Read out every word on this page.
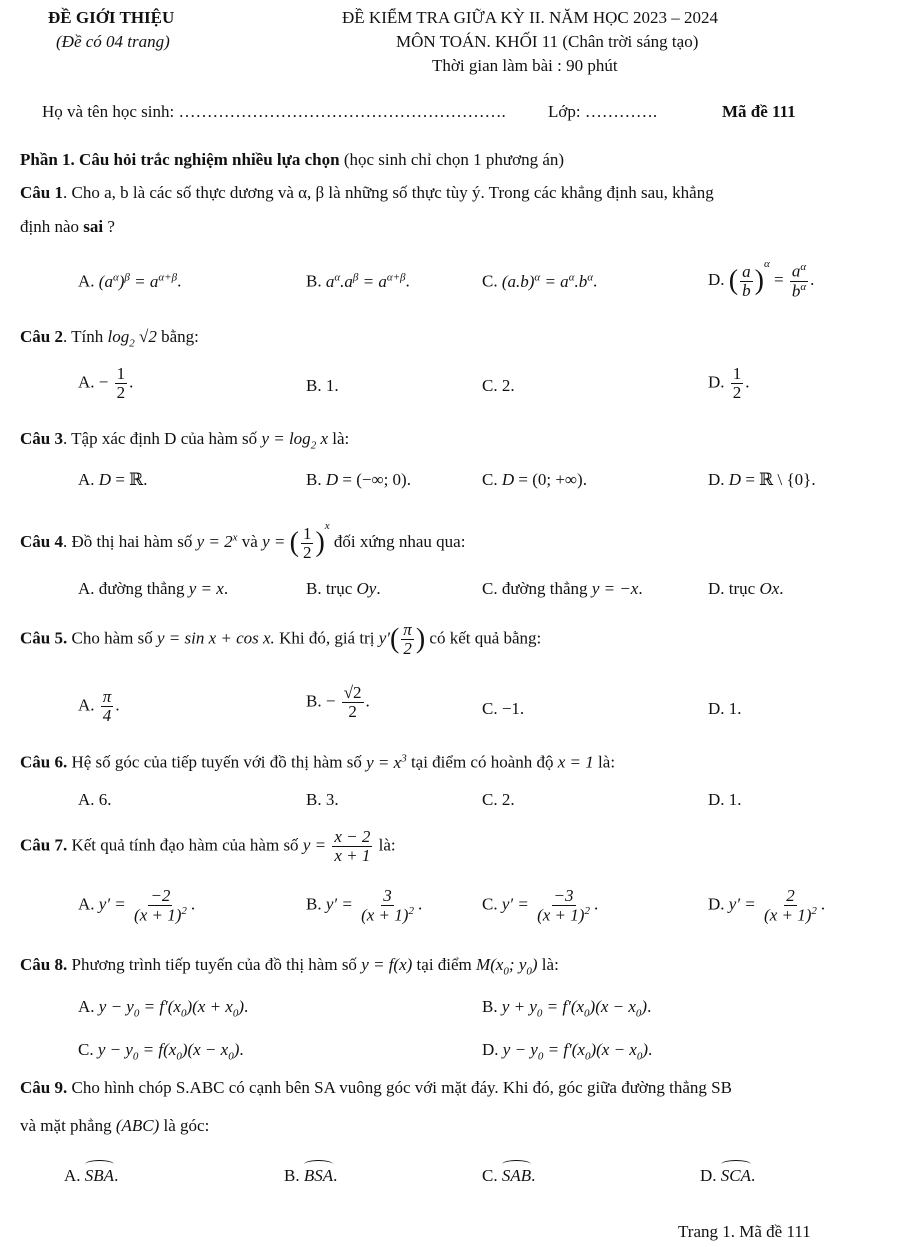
ĐỀ GIỚI THIỆU
(Đề có 04 trang)
ĐỀ KIỂM TRA GIỮA KỲ II. NĂM HỌC 2023 – 2024
MÔN TOÁN. KHỐI 11 (Chân trời sáng tạo)
Thời gian làm bài : 90 phút
Họ và tên học sinh: …………………………………………………. Lớp: ………….	Mã đề 111
Phần 1. Câu hỏi trắc nghiệm nhiều lựa chọn (học sinh chỉ chọn 1 phương án)
Câu 1. Cho a, b là các số thực dương và α, β là những số thực tùy ý. Trong các khẳng định sau, khẳng
định nào sai ?
A. $(a^\alpha)^\beta = a^{\alpha+\beta}$.	B. $a^\alpha.a^\beta = a^{\alpha+\beta}$.	C. $(a.b)^\alpha = a^\alpha.b^\alpha$.	D. ( $\frac{a}{b} )^\alpha = \frac{a^\alpha}{b^\alpha}$ .
Câu 2. Tính $\log_2 √2$ bằng:
A. − $\frac{1}{2}$ .	B. 1.	C. 2.	D. $\frac{1}{2}$ .
Câu 3. Tập xác định D của hàm số $y = \log_2 x$ là:
A. D = ℝ.	B. D = (−∞; 0).	C. D = (0; +∞).	D. D = ℝ \ {0}.
Câu 4. Đồ thị hai hàm số $y = 2^x$ và y = ( $\frac{1}{2} )^x$ đối xứng nhau qua:
A. đường thẳng y = x.	B. trục Oy.	C. đường thẳng y = −x.	D. trục Ox.
Câu 5. Cho hàm số y = sin x + cos x. Khi đó, giá trị $y'( \frac{\pi}{2}$ ) có kết quả bằng:
A. $\frac{\pi}{4}$ .	B. − $\frac{√2}{2}$ .	C. −1.	D. 1.
Câu 6. Hệ số góc của tiếp tuyến với đồ thị hàm số $y = x^3$ tại điểm có hoành độ x = 1 là:
A. 6.	B. 3.	C. 2.	D. 1.
Câu 7. Kết quả tính đạo hàm của hàm số $y = \frac{x - 2}{x + 1}$ là:
A. $y' = \frac{-2}{(x + 1)^2}$ .	B. $y' = \frac{3}{(x + 1)^2}$ .	C. $y' = \frac{-3}{(x + 1)^2}$ .	D. $y' = \frac{2}{(x + 1)^2}$ .
Câu 8. Phương trình tiếp tuyến của đồ thị hàm số y = f(x) tại điểm $M(x_0$; $y_0$) là:
A. $y - y_0 = f'(x_0)(x + x_0)$.	B. $y + y_0 = f'(x_0)(x - x_0)$.
C. $y - y_0 = f(x_0)(x - x_0)$.	D. $y - y_0 = f'(x_0)(x - x_0)$.
Câu 9. Cho hình chóp S.ABC có cạnh bên SA vuông góc với mặt đáy. Khi đó, góc giữa đường thẳng SB
và mặt phẳng (ABC) là góc:
A. SBA.	B. BSA.	C. SAB.	D. SCA.
Trang 1. Mã đề 111
